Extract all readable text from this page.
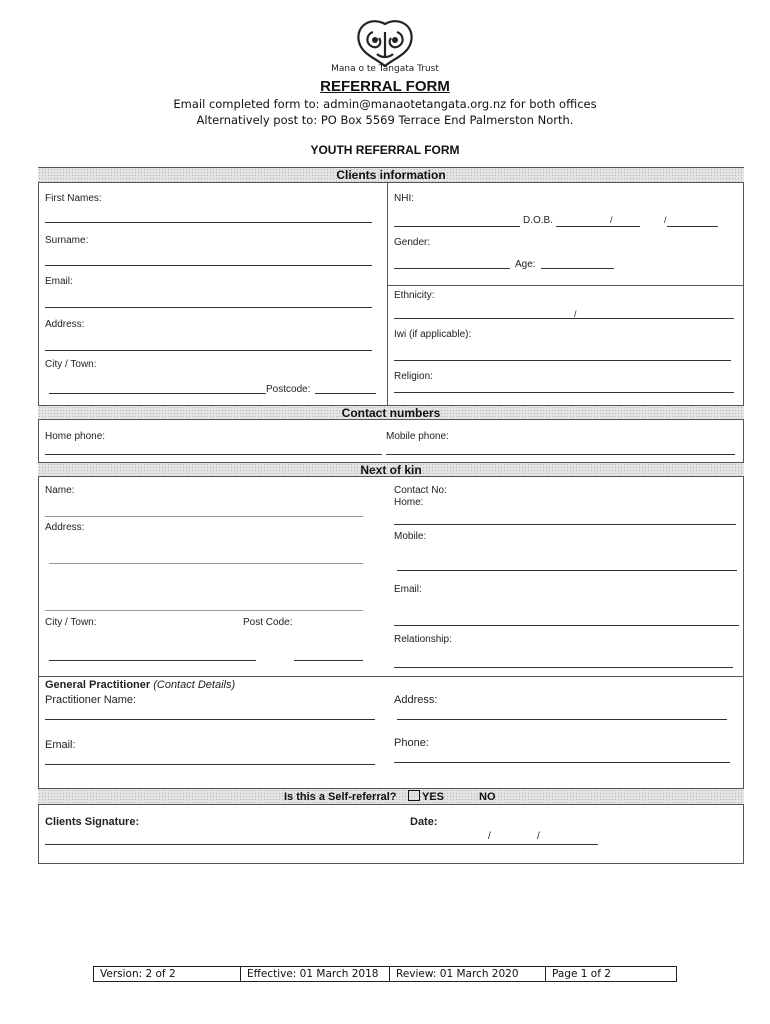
Mana o te Tangata Trust
REFERRAL FORM
Email completed form to: admin@manaotetangata.org.nz for both offices
Alternatively post to: PO Box 5569 Terrace End Palmerston North.
YOUTH REFERRAL FORM
Clients information
First Names:
Surname:
Email:
Address:
City / Town:
Postcode:
NHI:
D.O.B.	/	/
Gender:
Age:
Ethnicity:
/
Iwi (if applicable):
Religion:
Contact numbers
Home phone:	Mobile phone:
Next of kin
Name:
Address:
City / Town:	Post Code:
Contact No:
Home:
Mobile:
Email:
Relationship:
General Practitioner (Contact Details)
Practitioner Name:	Address:
Email:	Phone:
Is this a Self-referral?	YES	NO
Clients Signature:	Date:
/	/
Version: 2 of 2	Effective: 01 March 2018	Review: 01 March 2020	Page 1 of 2
